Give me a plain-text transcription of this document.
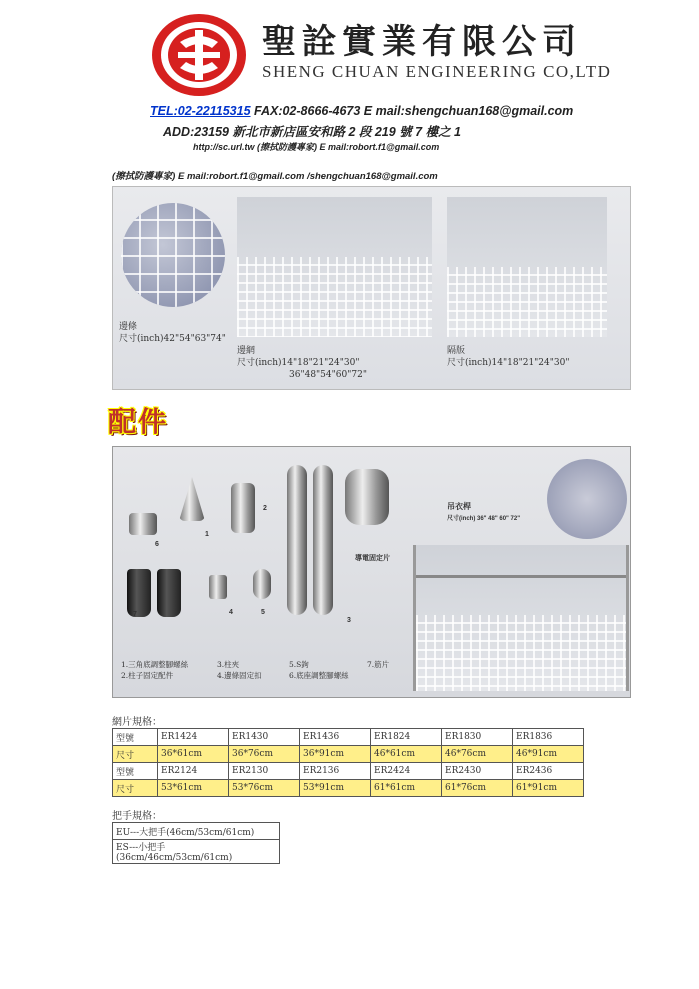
聖詮實業有限公司
SHENG CHUAN ENGINEERING CO,LTD
TEL:02-22115315 FAX:02-8666-4673 E mail:shengchuan168@gmail.com
ADD:23159 新北市新店區安和路 2 段 219 號 7 樓之 1
http://sc.url.tw (擦拭防護專家) E mail:robort.f1@gmail.com
(擦拭防護專家) E mail:robort.f1@gmail.com /shengchuan168@gmail.com
邊條
尺寸(inch)42"54"63"74"
邊網
尺寸(inch)14"18"21"24"30"
36"48"54"60"72"
隔版
尺寸(inch)14"18"21"24"30"
配件
6
1
2
3
導電固定片
7	4	5
吊衣桿
尺寸(inch) 36" 48" 60" 72"
1.三角底調整腳螺絲
2.柱子固定配件
3.柱夾
4.邊條固定扣
5.S鉤
6.底座調整腳螺絲
7.筋片
網片規格：
型號	ER1424	ER1430	ER1436	ER1824	ER1830	ER1836
尺寸	36*61cm	36*76cm	36*91cm	46*61cm	46*76cm	46*91cm
型號	ER2124	ER2130	ER2136	ER2424	ER2430	ER2436
尺寸	53*61cm	53*76cm	53*91cm	61*61cm	61*76cm	61*91cm
把手規格：
EU---大把手(46cm/53cm/61cm)
ES---小把手(36cm/46cm/53cm/61cm)
